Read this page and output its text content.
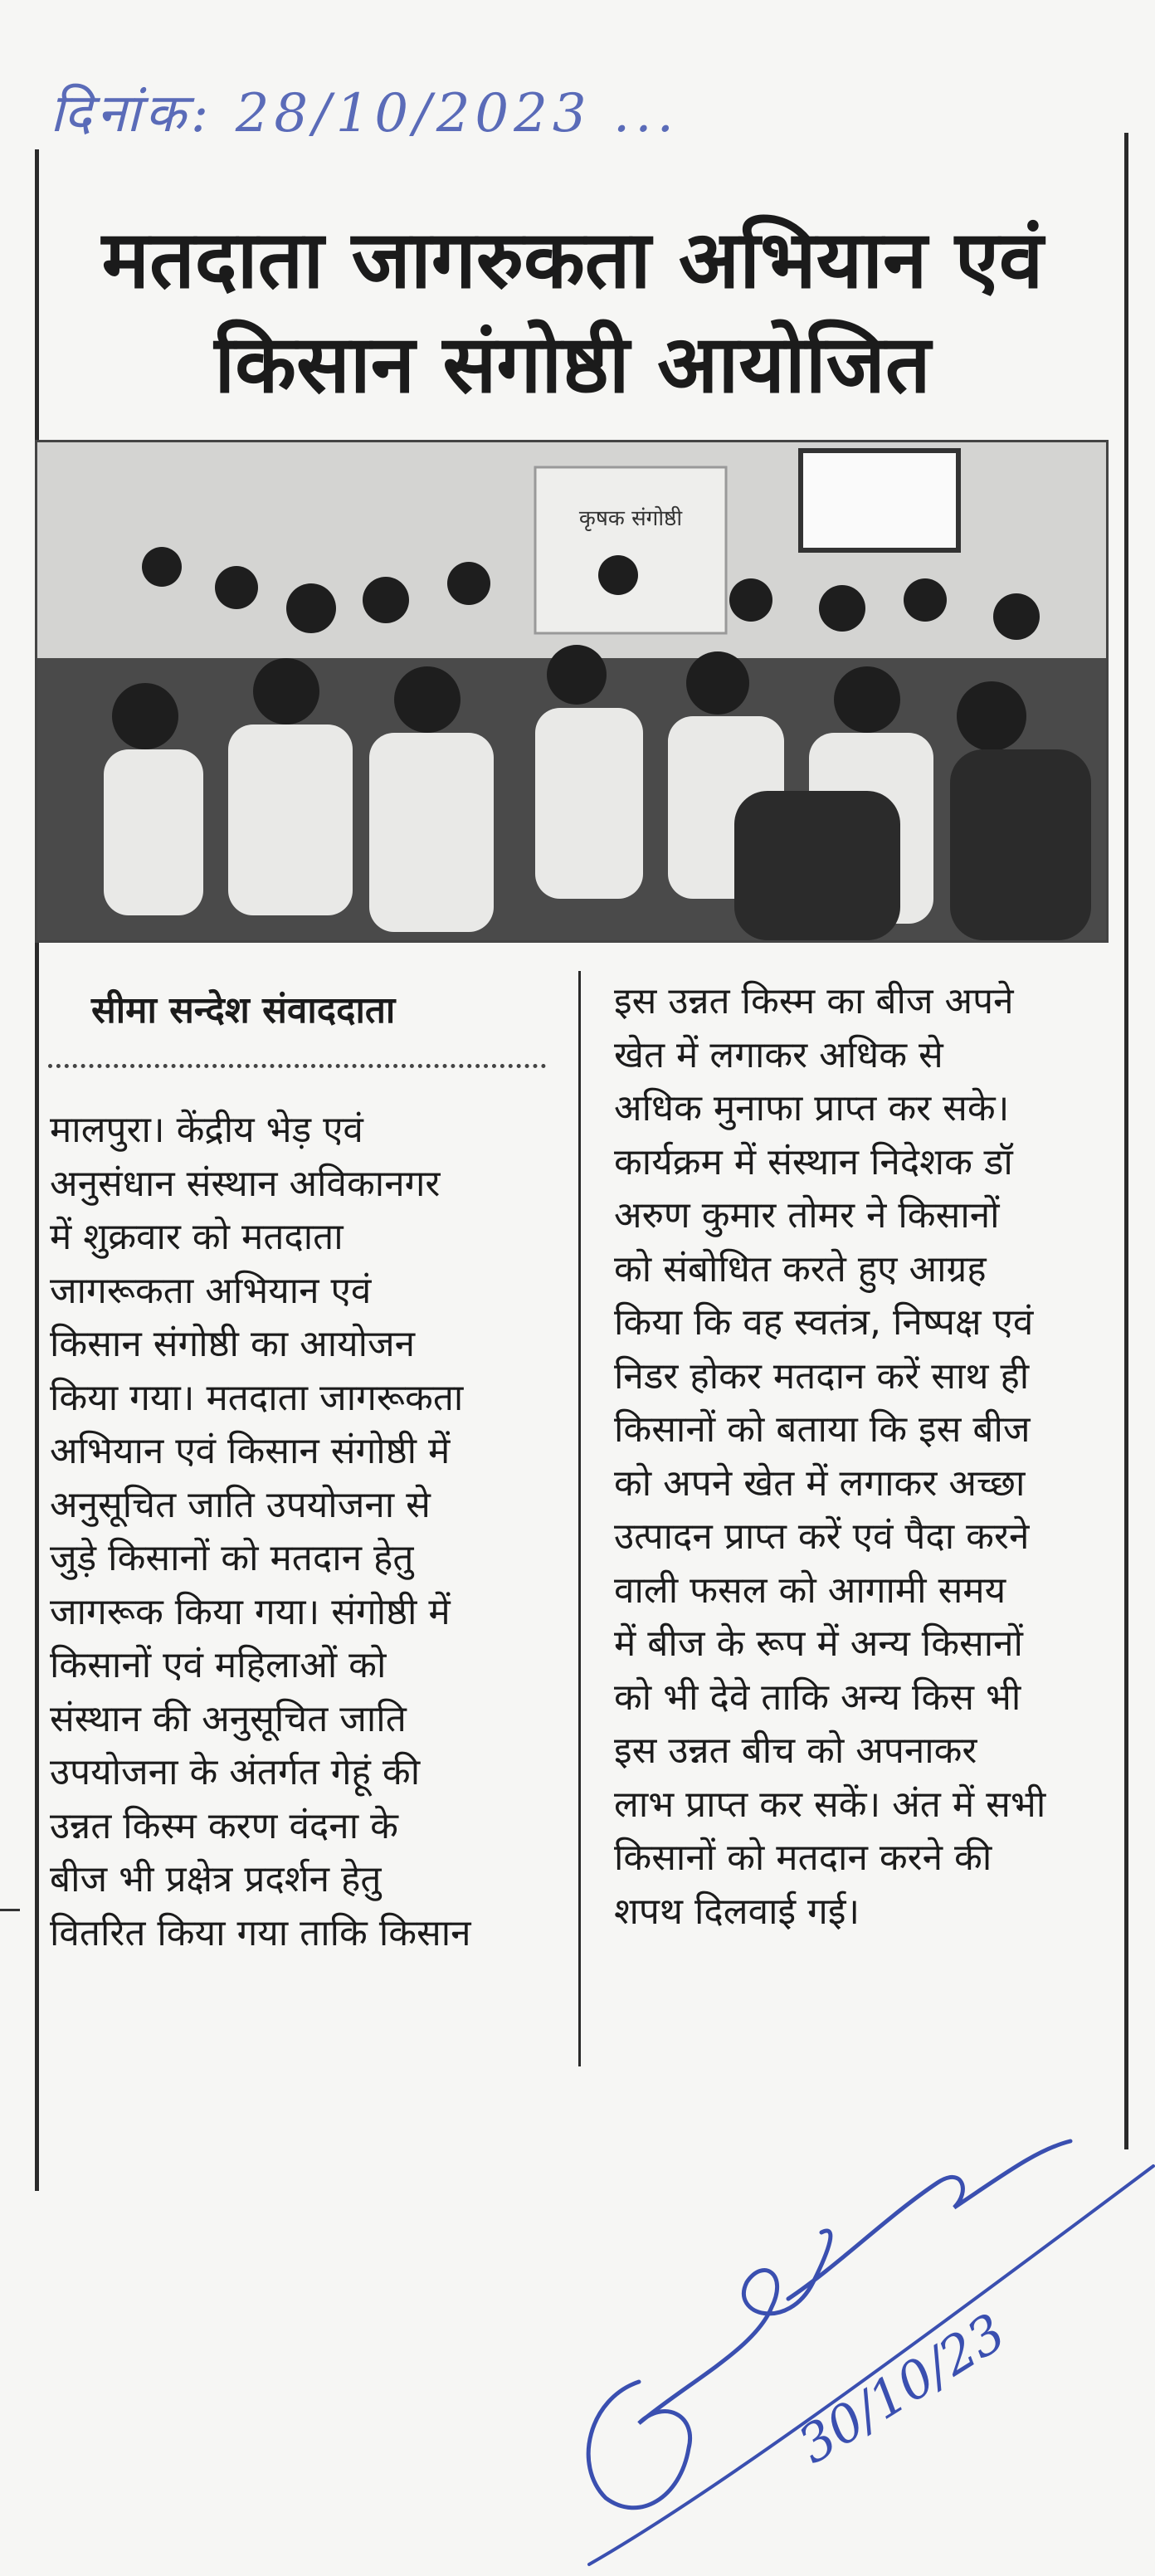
दिनांक: 28/10/2023 ...
मतदाता जागरुकता अभियान एवं
किसान संगोष्ठी आयोजित
कृषक संगोष्ठी
सीमा सन्देश संवाददाता
मालपुरा। केंद्रीय भेड़ एवं
अनुसंधान संस्थान अविकानगर
में शुक्रवार को मतदाता
जागरूकता अभियान एवं
किसान संगोष्ठी का आयोजन
किया गया। मतदाता जागरूकता
अभियान एवं किसान संगोष्ठी में
अनुसूचित जाति उपयोजना से
जुड़े किसानों को मतदान हेतु
जागरूक किया गया। संगोष्ठी में
किसानों एवं महिलाओं को
संस्थान की अनुसूचित जाति
उपयोजना के अंतर्गत गेहूं की
उन्नत किस्म करण वंदना के
बीज भी प्रक्षेत्र प्रदर्शन हेतु
वितरित किया गया ताकि किसान
इस उन्नत किस्म का बीज अपने
खेत में लगाकर अधिक से
अधिक मुनाफा प्राप्त कर सके।
कार्यक्रम में संस्थान निदेशक डॉ
अरुण कुमार तोमर ने किसानों
को संबोधित करते हुए आग्रह
किया कि वह स्वतंत्र, निष्पक्ष एवं
निडर होकर मतदान करें साथ ही
किसानों को बताया कि इस बीज
को अपने खेत में लगाकर अच्छा
उत्पादन प्राप्त करें एवं पैदा करने
वाली फसल को आगामी समय
में बीज के रूप में अन्य किसानों
को भी देवे ताकि अन्य किस भी
इस उन्नत बीच को अपनाकर
लाभ प्राप्त कर सकें। अंत में सभी
किसानों को मतदान करने की
शपथ दिलवाई गई।
30/10/23
